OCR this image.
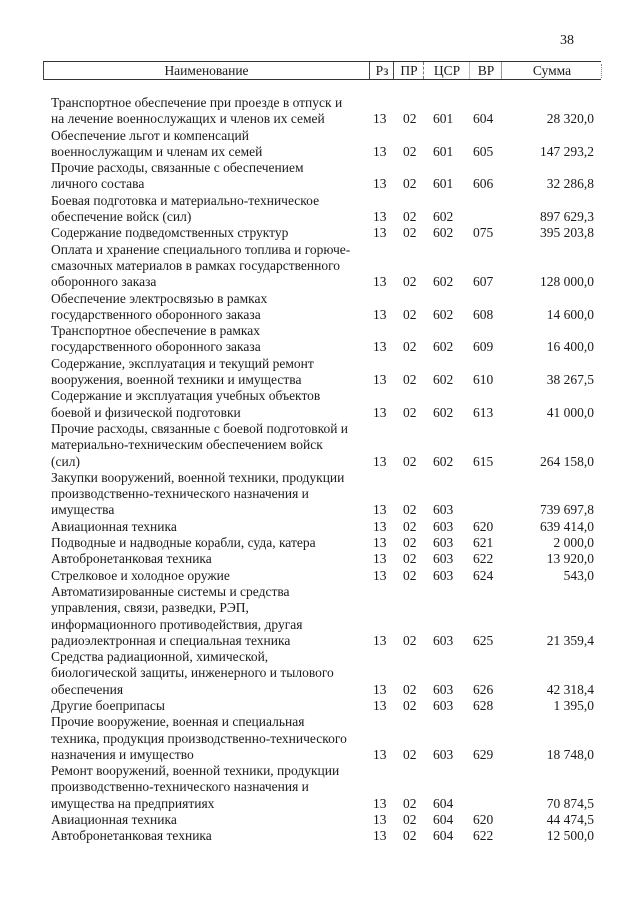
38
Наименование	Рз ПР	ЦСР	ВР	Сумма
Транспортное обеспечение при проезде в отпуск и
на лечение военнослужащих и членов их семей	13 02 601 604	28 320,0
Обеспечение льгот и компенсаций
военнослужащим и членам их семей	13 02 601 605	147 293,2
Прочие расходы, связанные с обеспечением
личного состава	13 02 601 606	32 286,8
Боевая подготовка и материально-техническое
обеспечение войск (сил)	13 02 602	897 629,3
Содержание подведомственных структур	13 02 602 075	395 203,8
Оплата и хранение специального топлива и горюче-
смазочных материалов в рамках государственного
оборонного заказа	13 02 602 607	128 000,0
Обеспечение электросвязью в рамках
государственного оборонного заказа	13 02 602 608	14 600,0
Транспортное обеспечение в рамках
государственного оборонного заказа	13 02 602 609	16 400,0
Содержание, эксплуатация и текущий ремонт
вооружения, военной техники и имущества	13 02 602 610	38 267,5
Содержание и эксплуатация учебных объектов
боевой и физической подготовки	13 02 602 613	41 000,0
Прочие расходы, связанные с боевой подготовкой и
материально-техническим обеспечением войск
(сил)	13 02 602 615	264 158,0
Закупки вооружений, военной техники, продукции
производственно-технического назначения и
имущества	13 02 603	739 697,8
Авиационная техника	13 02 603 620	639 414,0
Подводные и надводные корабли, суда, катера	13 02 603 621	2 000,0
Автобронетанковая техника	13 02 603 622	13 920,0
Стрелковое и холодное оружие	13 02 603 624	543,0
Автоматизированные системы и средства
управления, связи, разведки, РЭП,
информационного противодействия, другая
радиоэлектронная и специальная техника	13 02 603 625	21 359,4
Средства радиационной, химической,
биологической защиты, инженерного и тылового
обеспечения	13 02 603 626	42 318,4
Другие боеприпасы	13 02 603 628	1 395,0
Прочие вооружение, военная и специальная
техника, продукция производственно-технического
назначения и имущество	13 02 603 629	18 748,0
Ремонт вооружений, военной техники, продукции
производственно-технического назначения и
имущества на предприятиях	13 02 604	70 874,5
Авиационная техника	13 02 604 620	44 474,5
Автобронетанковая техника	13 02 604 622	12 500,0
